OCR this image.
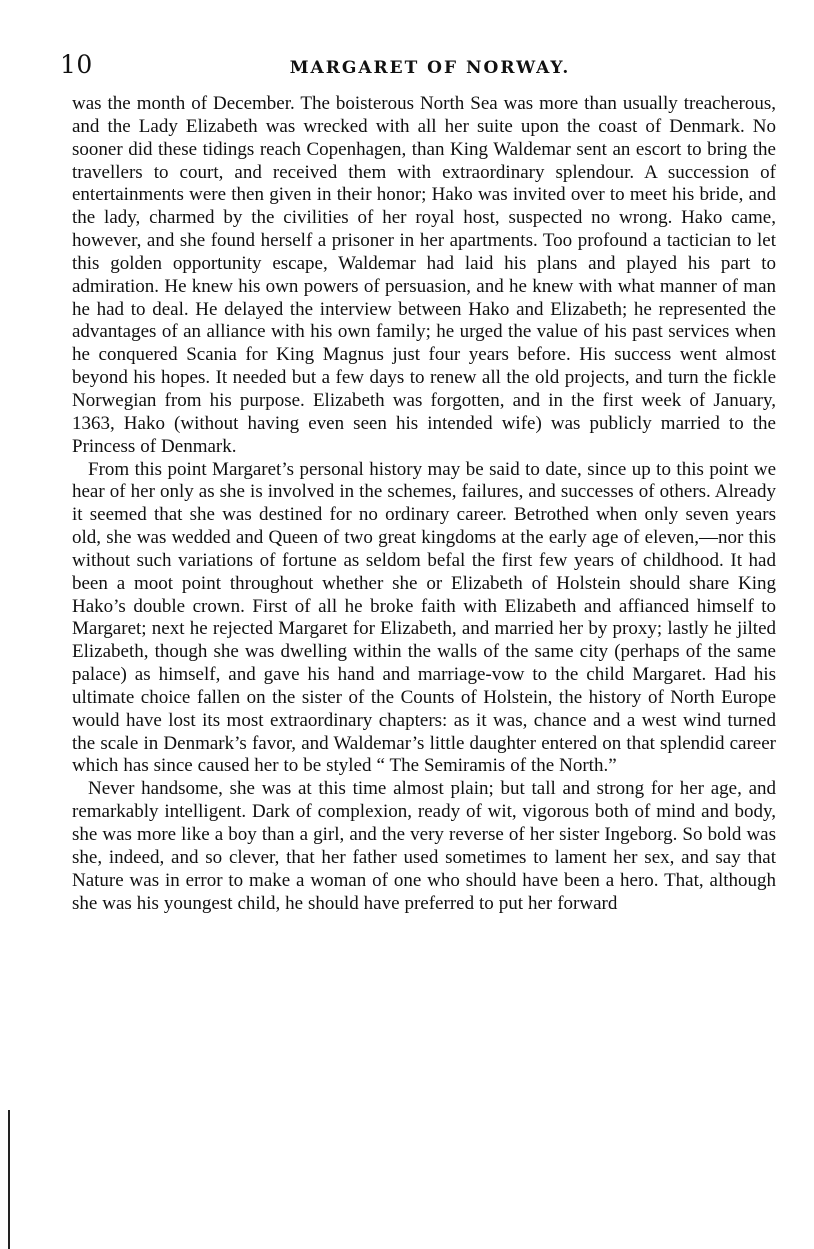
10	MARGARET OF NORWAY.

was the month of December. The boisterous North Sea was more than usually treacherous, and the Lady Elizabeth was wrecked with all her suite upon the coast of Denmark. No sooner did these tidings reach Copenhagen, than King Waldemar sent an escort to bring the travellers to court, and received them with extraordinary splendour. A succession of entertainments were then given in their honor; Hako was invited over to meet his bride, and the lady, charmed by the civilities of her royal host, suspected no wrong. Hako came, however, and she found herself a prisoner in her apartments. Too profound a tactician to let this golden opportunity escape, Waldemar had laid his plans and played his part to admiration. He knew his own powers of persuasion, and he knew with what manner of man he had to deal. He delayed the interview between Hako and Elizabeth; he represented the advantages of an alliance with his own family; he urged the value of his past services when he conquered Scania for King Magnus just four years before. His success went almost beyond his hopes. It needed but a few days to renew all the old projects, and turn the fickle Norwegian from his purpose. Elizabeth was forgotten, and in the first week of January, 1363, Hako (without having even seen his intended wife) was publicly married to the Princess of Denmark.

From this point Margaret’s personal history may be said to date, since up to this point we hear of her only as she is involved in the schemes, failures, and successes of others. Already it seemed that she was destined for no ordinary career. Betrothed when only seven years old, she was wedded and Queen of two great kingdoms at the early age of eleven,—nor this without such variations of fortune as seldom befal the first few years of childhood. It had been a moot point throughout whether she or Elizabeth of Holstein should share King Hako’s double crown. First of all he broke faith with Elizabeth and affianced himself to Margaret; next he rejected Margaret for Elizabeth, and married her by proxy; lastly he jilted Elizabeth, though she was dwelling within the walls of the same city (perhaps of the same palace) as himself, and gave his hand and marriage-vow to the child Margaret. Had his ultimate choice fallen on the sister of the Counts of Holstein, the history of North Europe would have lost its most extraordinary chapters: as it was, chance and a west wind turned the scale in Denmark’s favor, and Waldemar’s little daughter entered on that splendid career which has since caused her to be styled “ The Semiramis of the North.”

Never handsome, she was at this time almost plain; but tall and strong for her age, and remarkably intelligent. Dark of complexion, ready of wit, vigorous both of mind and body, she was more like a boy than a girl, and the very reverse of her sister Ingeborg. So bold was she, indeed, and so clever, that her father used sometimes to lament her sex, and say that Nature was in error to make a woman of one who should have been a hero. That, although she was his youngest child, he should have preferred to put her forward
